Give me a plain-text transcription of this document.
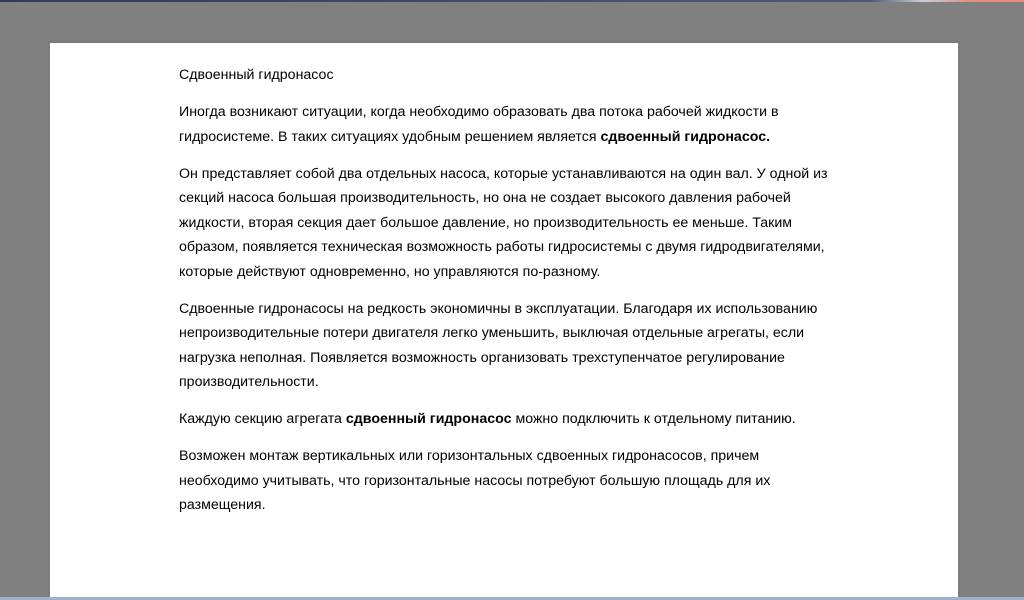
Сдвоенный гидронасос
Иногда возникают ситуации, когда необходимо образовать два потока рабочей жидкости в
гидросистеме. В таких ситуациях удобным решением является сдвоенный гидронасос.
Он представляет собой два отдельных насоса, которые устанавливаются на один вал. У одной из
секций насоса большая производительность, но она не создает высокого давления рабочей
жидкости, вторая секция дает большое давление, но производительность ее меньше. Таким
образом, появляется техническая возможность работы гидросистемы с двумя гидродвигателями,
которые действуют одновременно, но управляются по-разному.
Сдвоенные гидронасосы на редкость экономичны в эксплуатации. Благодаря их использованию
непроизводительные потери двигателя легко уменьшить, выключая отдельные агрегаты, если
нагрузка неполная. Появляется возможность организовать трехступенчатое регулирование
производительности.
Каждую секцию агрегата сдвоенный гидронасос можно подключить к отдельному питанию.
Возможен монтаж вертикальных или горизонтальных сдвоенных гидронасосов, причем
необходимо учитывать, что горизонтальные насосы потребуют большую площадь для их
размещения.
